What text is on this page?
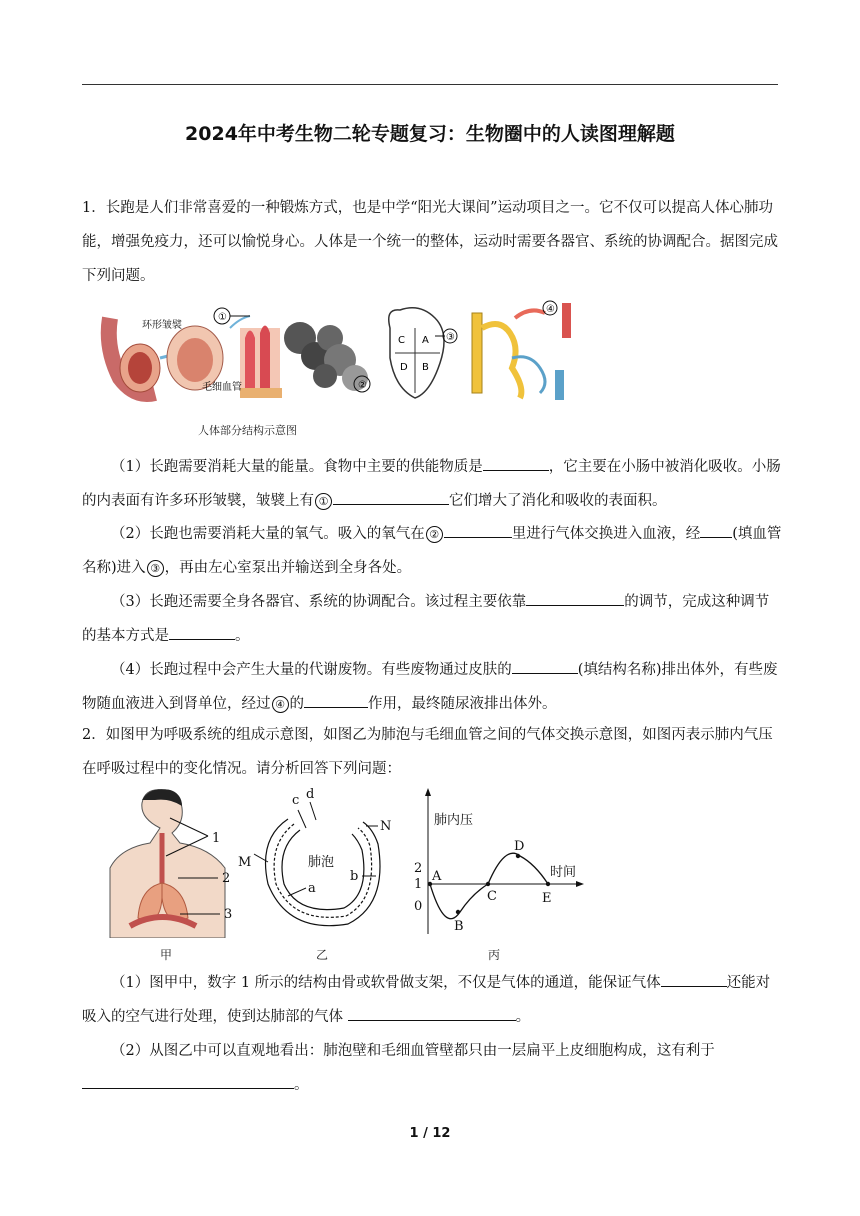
2024年中考生物二轮专题复习：生物圈中的人读图理解题
1．长跑是人们非常喜爱的一种锻炼方式，也是中学“阳光大课间”运动项目之一。它不仅可以提高人体心肺功能，增强免疫力，还可以愉悦身心。人体是一个统一的整体，运动时需要各器官、系统的协调配合。据图完成下列问题。
环形皱襞
①
毛细血管	②
C A
D B
③
④
人体部分结构示意图
（1）长跑需要消耗大量的能量。食物中主要的供能物质是	，它主要在小肠中被消化吸收。小肠的内表面有许多环形皱襞，皱襞上有 ①	它们增大了消化和吸收的表面积。
（2）长跑也需要消耗大量的氧气。吸入的氧气在 ②	里进行气体交换进入血液，经 (填血管名称)进入 ③ ，再由左心室泵出并输送到全身各处。
（3）长跑还需要全身各器官、系统的协调配合。该过程主要依靠	的调节，完成这种调节的基本方式是	。
（4）长跑过程中会产生大量的代谢废物。有些废物通过皮肤的	(填结构名称)排出体外，有些废物随血液进入到肾单位，经过 ④ 的	作用，最终随尿液排出体外。
2．如图甲为呼吸系统的组成示意图，如图乙为肺泡与毛细血管之间的气体交换示意图，如图丙表示肺内气压在呼吸过程中的变化情况。请分析回答下列问题：
1
2
3
甲
c d
N
M	肺泡
a
b
乙
肺内压
时间
2
1
0
A
B
C
D
E
丙
（1）图甲中，数字 1 所示的结构由骨或软骨做支架，不仅是气体的通道，能保证气体	还能对吸入的空气进行处理，使到达肺部的气体	。
（2）从图乙中可以直观地看出：肺泡壁和毛细血管壁都只由一层扁平上皮细胞构成，这有利于 。
1 / 12
